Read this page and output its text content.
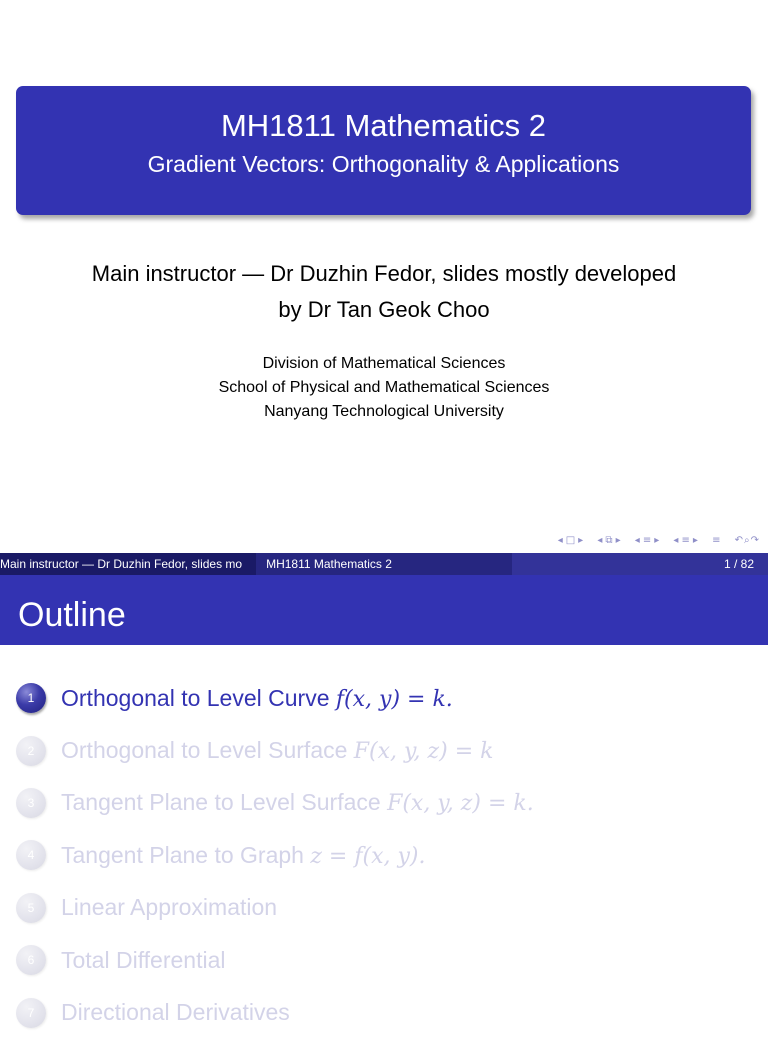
MH1811 Mathematics 2
Gradient Vectors: Orthogonality & Applications
Main instructor — Dr Duzhin Fedor, slides mostly developed
by Dr Tan Geok Choo
Division of Mathematical Sciences
School of Physical and Mathematical Sciences
Nanyang Technological University
◂ □ ▸ ◂ ⧉ ▸ ◂ ≡ ▸ ◂ ≡ ▸ ≡ ↶⌕↷
Main instructor — Dr Duzhin Fedor, slides mo	MH1811 Mathematics 2	1 / 82
Outline
1	Orthogonal to Level Curve f(x, y) = k.
2	Orthogonal to Level Surface F(x, y, z) = k
3	Tangent Plane to Level Surface F(x, y, z) = k.
4	Tangent Plane to Graph z = f(x, y).
5	Linear Approximation
6	Total Differential
7	Directional Derivatives
